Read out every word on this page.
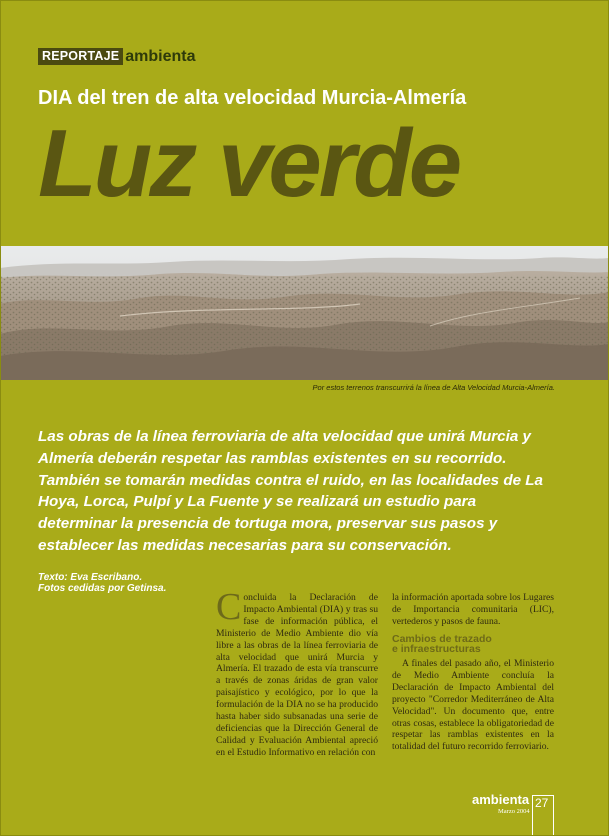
REPORTAJE ambienta
DIA del tren de alta velocidad Murcia-Almería
Luz verde
Por estos terrenos transcurrirá la línea de Alta Velocidad Murcia-Almería.

Las obras de la línea ferroviaria de alta velocidad que unirá Murcia y Almería deberán respetar las ramblas existentes en su recorrido. También se tomarán medidas contra el ruido, en las localidades de La Hoya, Lorca, Pulpí y La Fuente y se realizará un estudio para determinar la presencia de tortuga mora, preservar sus pasos y establecer las medidas necesarias para su conservación.

Texto: Eva Escribano.
Fotos cedidas por Getinsa. Concluida la Declaración de Impacto Ambiental (DIA) y tras su fase de información pública, el Ministerio de Medio Ambiente dio vía libre a las obras de la línea ferroviaria de alta velocidad que unirá Murcia y Almería. El trazado de esta vía transcurre a través de zonas áridas de gran valor paisajístico y ecológico, por lo que la formulación de la DIA no se ha producido hasta haber sido subsanadas una serie de deficiencias que la Dirección General de Calidad y Evaluación Ambiental apreció en el Estudio Informativo en relación con

la información aportada sobre los Lugares de Importancia comunitaria (LIC), vertederos y pasos de fauna.

Cambios de trazado
e infraestructuras

A finales del pasado año, el Ministerio de Medio Ambiente concluía la Declaración de Impacto Ambiental del proyecto "Corredor Mediterráneo de Alta Velocidad". Un documento que, entre otras cosas, establece la obligatoriedad de respetar las ramblas existentes en la totalidad del futuro recorrido ferroviario.

ambienta
Marzo 2004
27
